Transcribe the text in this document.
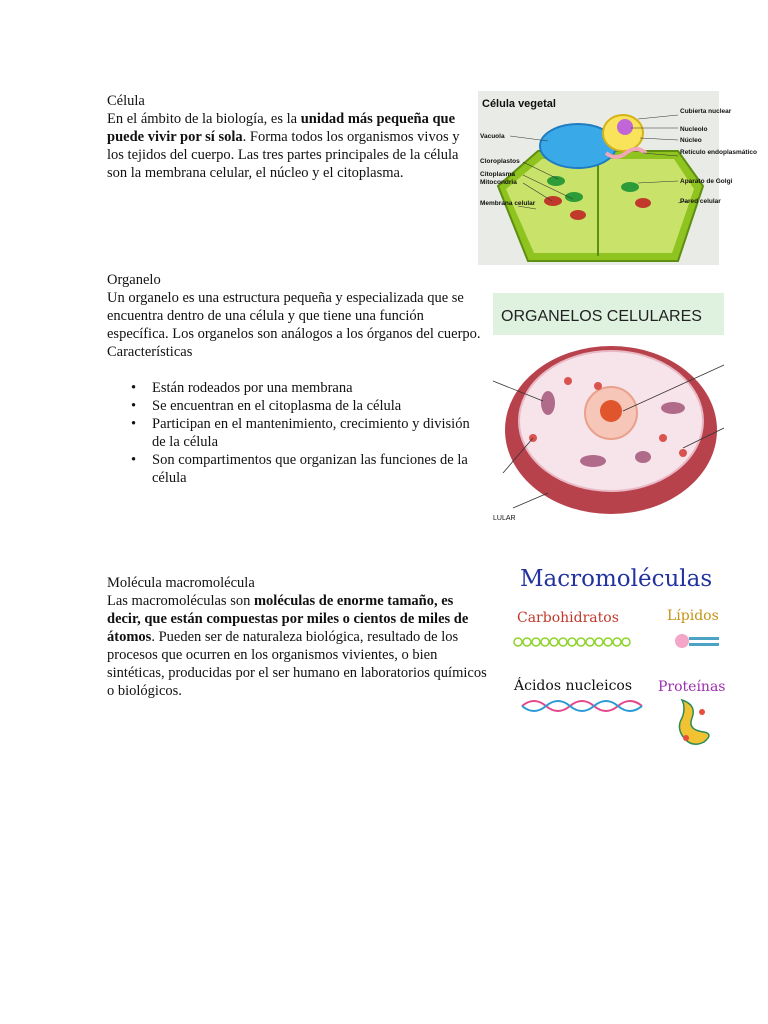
Célula

En el ámbito de la biología, es la unidad más pequeña que puede vivir por sí sola. Forma todos los organismos vivos y los tejidos del cuerpo. Las tres partes principales de la célula son la membrana celular, el núcleo y el citoplasma.

Organelo

Un organelo es una estructura pequeña y especializada que se encuentra dentro de una célula y que tiene una función específica. Los organelos son análogos a los órganos del cuerpo.

Características

• Están rodeados por una membrana
• Se encuentran en el citoplasma de la célula
• Participan en el mantenimiento, crecimiento y división de la célula
• Son compartimentos que organizan las funciones de la célula

Molécula macromolécula

Las macromoléculas son moléculas de enorme tamaño, es decir, que están compuestas por miles o cientos de miles de átomos. Pueden ser de naturaleza biológica, resultado de los procesos que ocurren en los organismos vivientes, o bien sintéticas, producidas por el ser humano en laboratorios químicos o biológicos.

Célula vegetal
Vacuola
Cloroplastos
Citoplasma
Mitocondria
Membrana celular
Cubierta nuclear
Nucleolo
Núcleo
Retículo endoplasmático
Aparato de Golgi
Pared celular
ORGANELOS CELULARES
LULAR
Macromoléculas
Carbohidratos	Lípidos
Ácidos nucleicos Proteínas
